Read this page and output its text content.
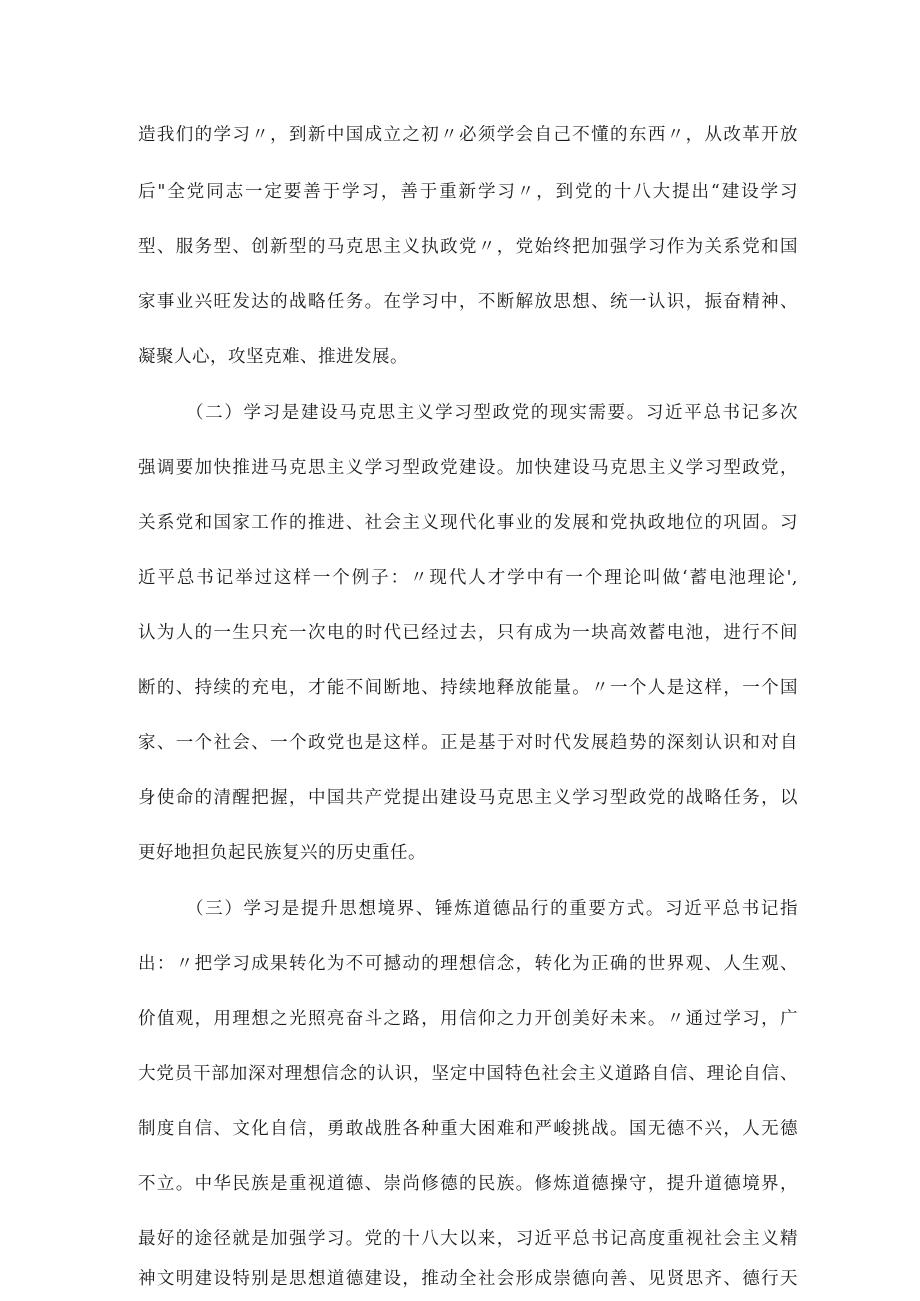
造我们的学习〃，到新中国成立之初〃必须学会自己不懂的东西〃，从改革开放
后"全党同志一定要善于学习，善于重新学习〃，到党的十八大提出“建设学习
型、服务型、创新型的马克思主义执政党〃，党始终把加强学习作为关系党和国
家事业兴旺发达的战略任务。在学习中，不断解放思想、统一认识，振奋精神、
凝聚人心，攻坚克难、推进发展。
（二）学习是建设马克思主义学习型政党的现实需要。习近平总书记多次
强调要加快推进马克思主义学习型政党建设。加快建设马克思主义学习型政党，
关系党和国家工作的推进、社会主义现代化事业的发展和党执政地位的巩固。习
近平总书记举过这样一个例子：〃现代人才学中有一个理论叫做‘蓄电池理论',
认为人的一生只充一次电的时代已经过去，只有成为一块高效蓄电池，进行不间
断的、持续的充电，才能不间断地、持续地释放能量。〃一个人是这样，一个国
家、一个社会、一个政党也是这样。正是基于对时代发展趋势的深刻认识和对自
身使命的清醒把握，中国共产党提出建设马克思主义学习型政党的战略任务，以
更好地担负起民族复兴的历史重任。
（三）学习是提升思想境界、锤炼道德品行的重要方式。习近平总书记指
出：〃把学习成果转化为不可撼动的理想信念，转化为正确的世界观、人生观、
价值观，用理想之光照亮奋斗之路，用信仰之力开创美好未来。〃通过学习，广
大党员干部加深对理想信念的认识，坚定中国特色社会主义道路自信、理论自信、
制度自信、文化自信，勇敢战胜各种重大困难和严峻挑战。国无德不兴，人无德
不立。中华民族是重视道德、崇尚修德的民族。修炼道德操守，提升道德境界，
最好的途径就是加强学习。党的十八大以来，习近平总书记高度重视社会主义精
神文明建设特别是思想道德建设，推动全社会形成崇德向善、见贤思齐、德行天
